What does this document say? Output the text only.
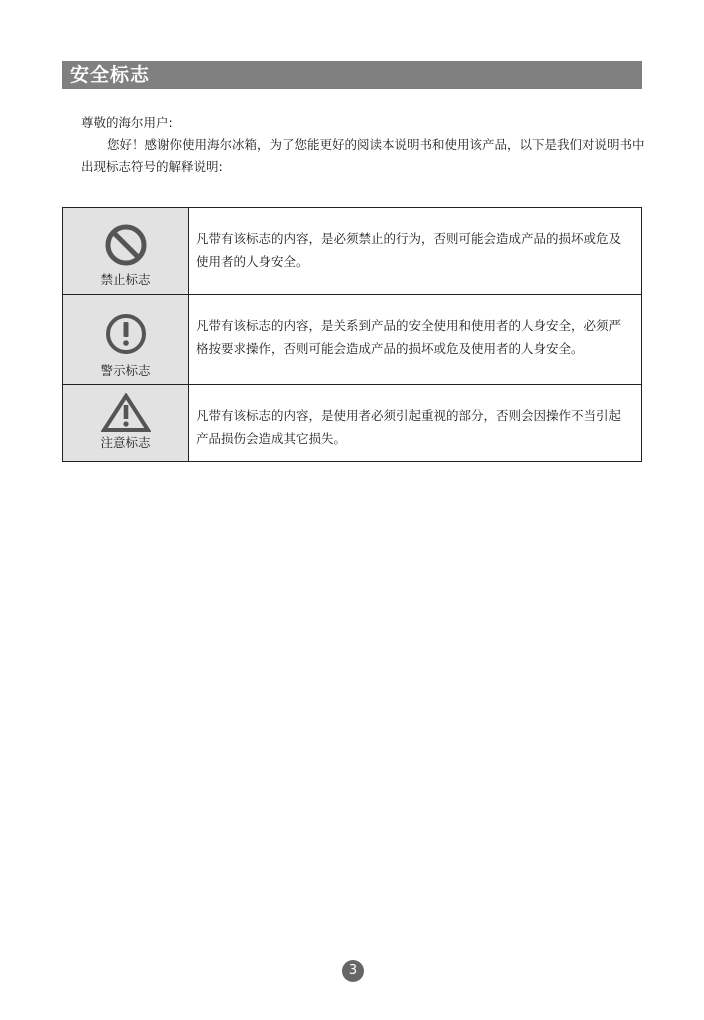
安全标志

尊敬的海尔用户:

您好！感谢你使用海尔冰箱，为了您能更好的阅读本说明书和使用该产品，以下是我们对说明书中出现标志符号的解释说明:

禁止标志	凡带有该标志的内容，是必须禁止的行为，否则可能会造成产品的损坏或危及使用者的人身安全。

警示标志	凡带有该标志的内容，是关系到产品的安全使用和使用者的人身安全，必须严格按要求操作，否则可能会造成产品的损坏或危及使用者的人身安全。

注意标志	凡带有该标志的内容，是使用者必须引起重视的部分，否则会因操作不当引起产品损伤会造成其它损失。
3
